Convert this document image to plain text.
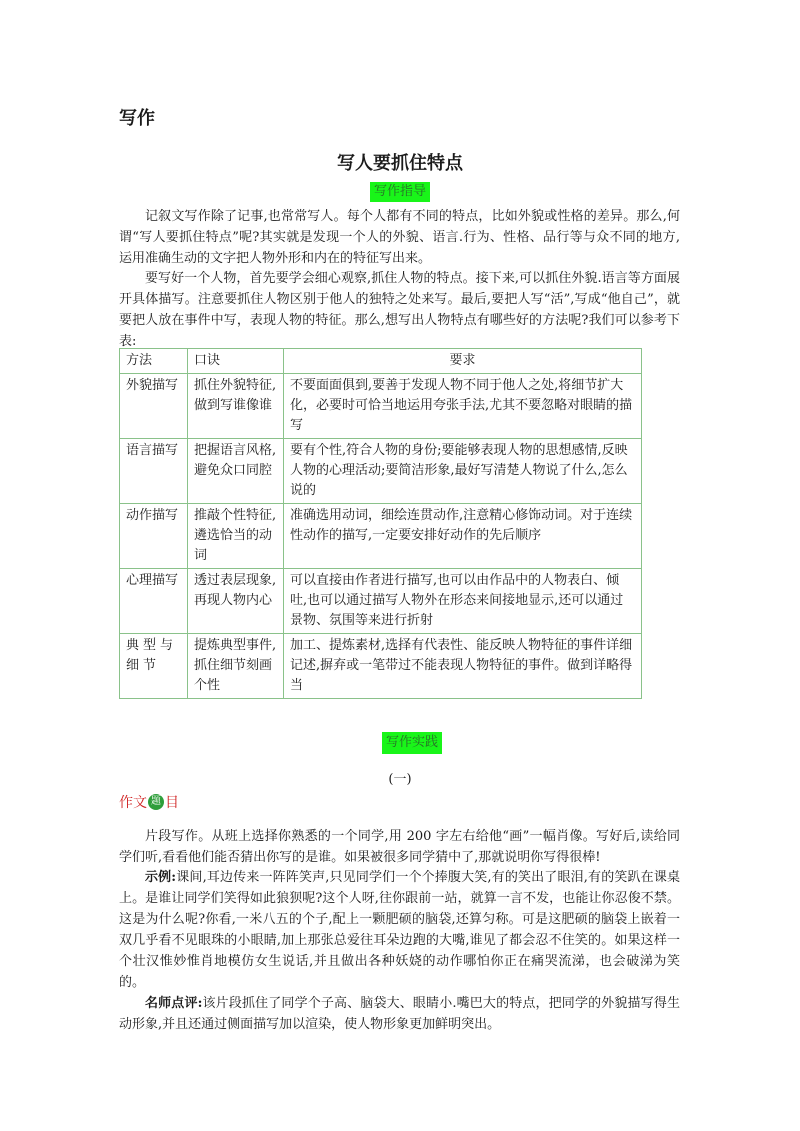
写作
写人要抓住特点
写作指导

记叙文写作除了记事,也常常写人。每个人都有不同的特点，比如外貌或性格的差异。那么,何谓“写人要抓住特点”呢?其实就是发现一个人的外貌、语言.行为、性格、品行等与众不同的地方,运用准确生动的文字把人物外形和内在的特征写出来。

要写好一个人物，首先要学会细心观察,抓住人物的特点。接下来,可以抓住外貌.语言等方面展开具体描写。注意要抓住人物区别于他人的独特之处来写。最后,要把人写“活”,写成“他自己”，就要把人放在事件中写，表现人物的特征。那么,想写出人物特点有哪些好的方法呢?我们可以参考下表:

方法	口诀	要求
外貌描写	抓住外貌特征,做到写谁像谁	不要面面俱到,要善于发现人物不同于他人之处,将细节扩大化，必要时可恰当地运用夸张手法,尤其不要忽略对眼睛的描写
语言描写	把握语言风格,避免众口同腔	要有个性,符合人物的身份;要能够表现人物的思想感情,反映人物的心理活动;要简洁形象,最好写清楚人物说了什么,怎么说的
动作描写	推敲个性特征,遴选恰当的动词	准确选用动词，细绘连贯动作,注意精心修饰动词。对于连续性动作的描写,一定要安排好动作的先后顺序
心理描写	透过表层现象,再现人物内心	可以直接由作者进行描写,也可以由作品中的人物表白、倾吐,也可以通过描写人物外在形态来间接地显示,还可以通过景物、氛围等来进行折射
典型与细节	提炼典型事件,抓住细节刻画个性	加工、提炼素材,选择有代表性、能反映人物特征的事件详细记述,摒弃或一笔带过不能表现人物特征的事件。做到详略得当
写作实践
(一)
作文 题 目

片段写作。从班上选择你熟悉的一个同学,用 200 字左右给他“画”一幅肖像。写好后,读给同学们听,看看他们能否猜出你写的是谁。如果被很多同学猜中了,那就说明你写得很棒!

示例:课间,耳边传来一阵阵笑声,只见同学们一个个捧腹大笑,有的笑出了眼泪,有的笑趴在课桌上。是谁让同学们笑得如此狼狈呢?这个人呀,往你跟前一站，就算一言不发，也能让你忍俊不禁。这是为什么呢?你看,一米八五的个子,配上一颗肥硕的脑袋,还算匀称。可是这肥硕的脑袋上嵌着一双几乎看不见眼珠的小眼睛,加上那张总爱往耳朵边跑的大嘴,谁见了都会忍不住笑的。如果这样一个壮汉惟妙惟肖地模仿女生说话,并且做出各种妖娆的动作哪怕你正在痛哭流涕，也会破涕为笑的。

名师点评:该片段抓住了同学个子高、脑袋大、眼睛小.嘴巴大的特点，把同学的外貌描写得生动形象,并且还通过侧面描写加以渲染，使人物形象更加鲜明突出。
